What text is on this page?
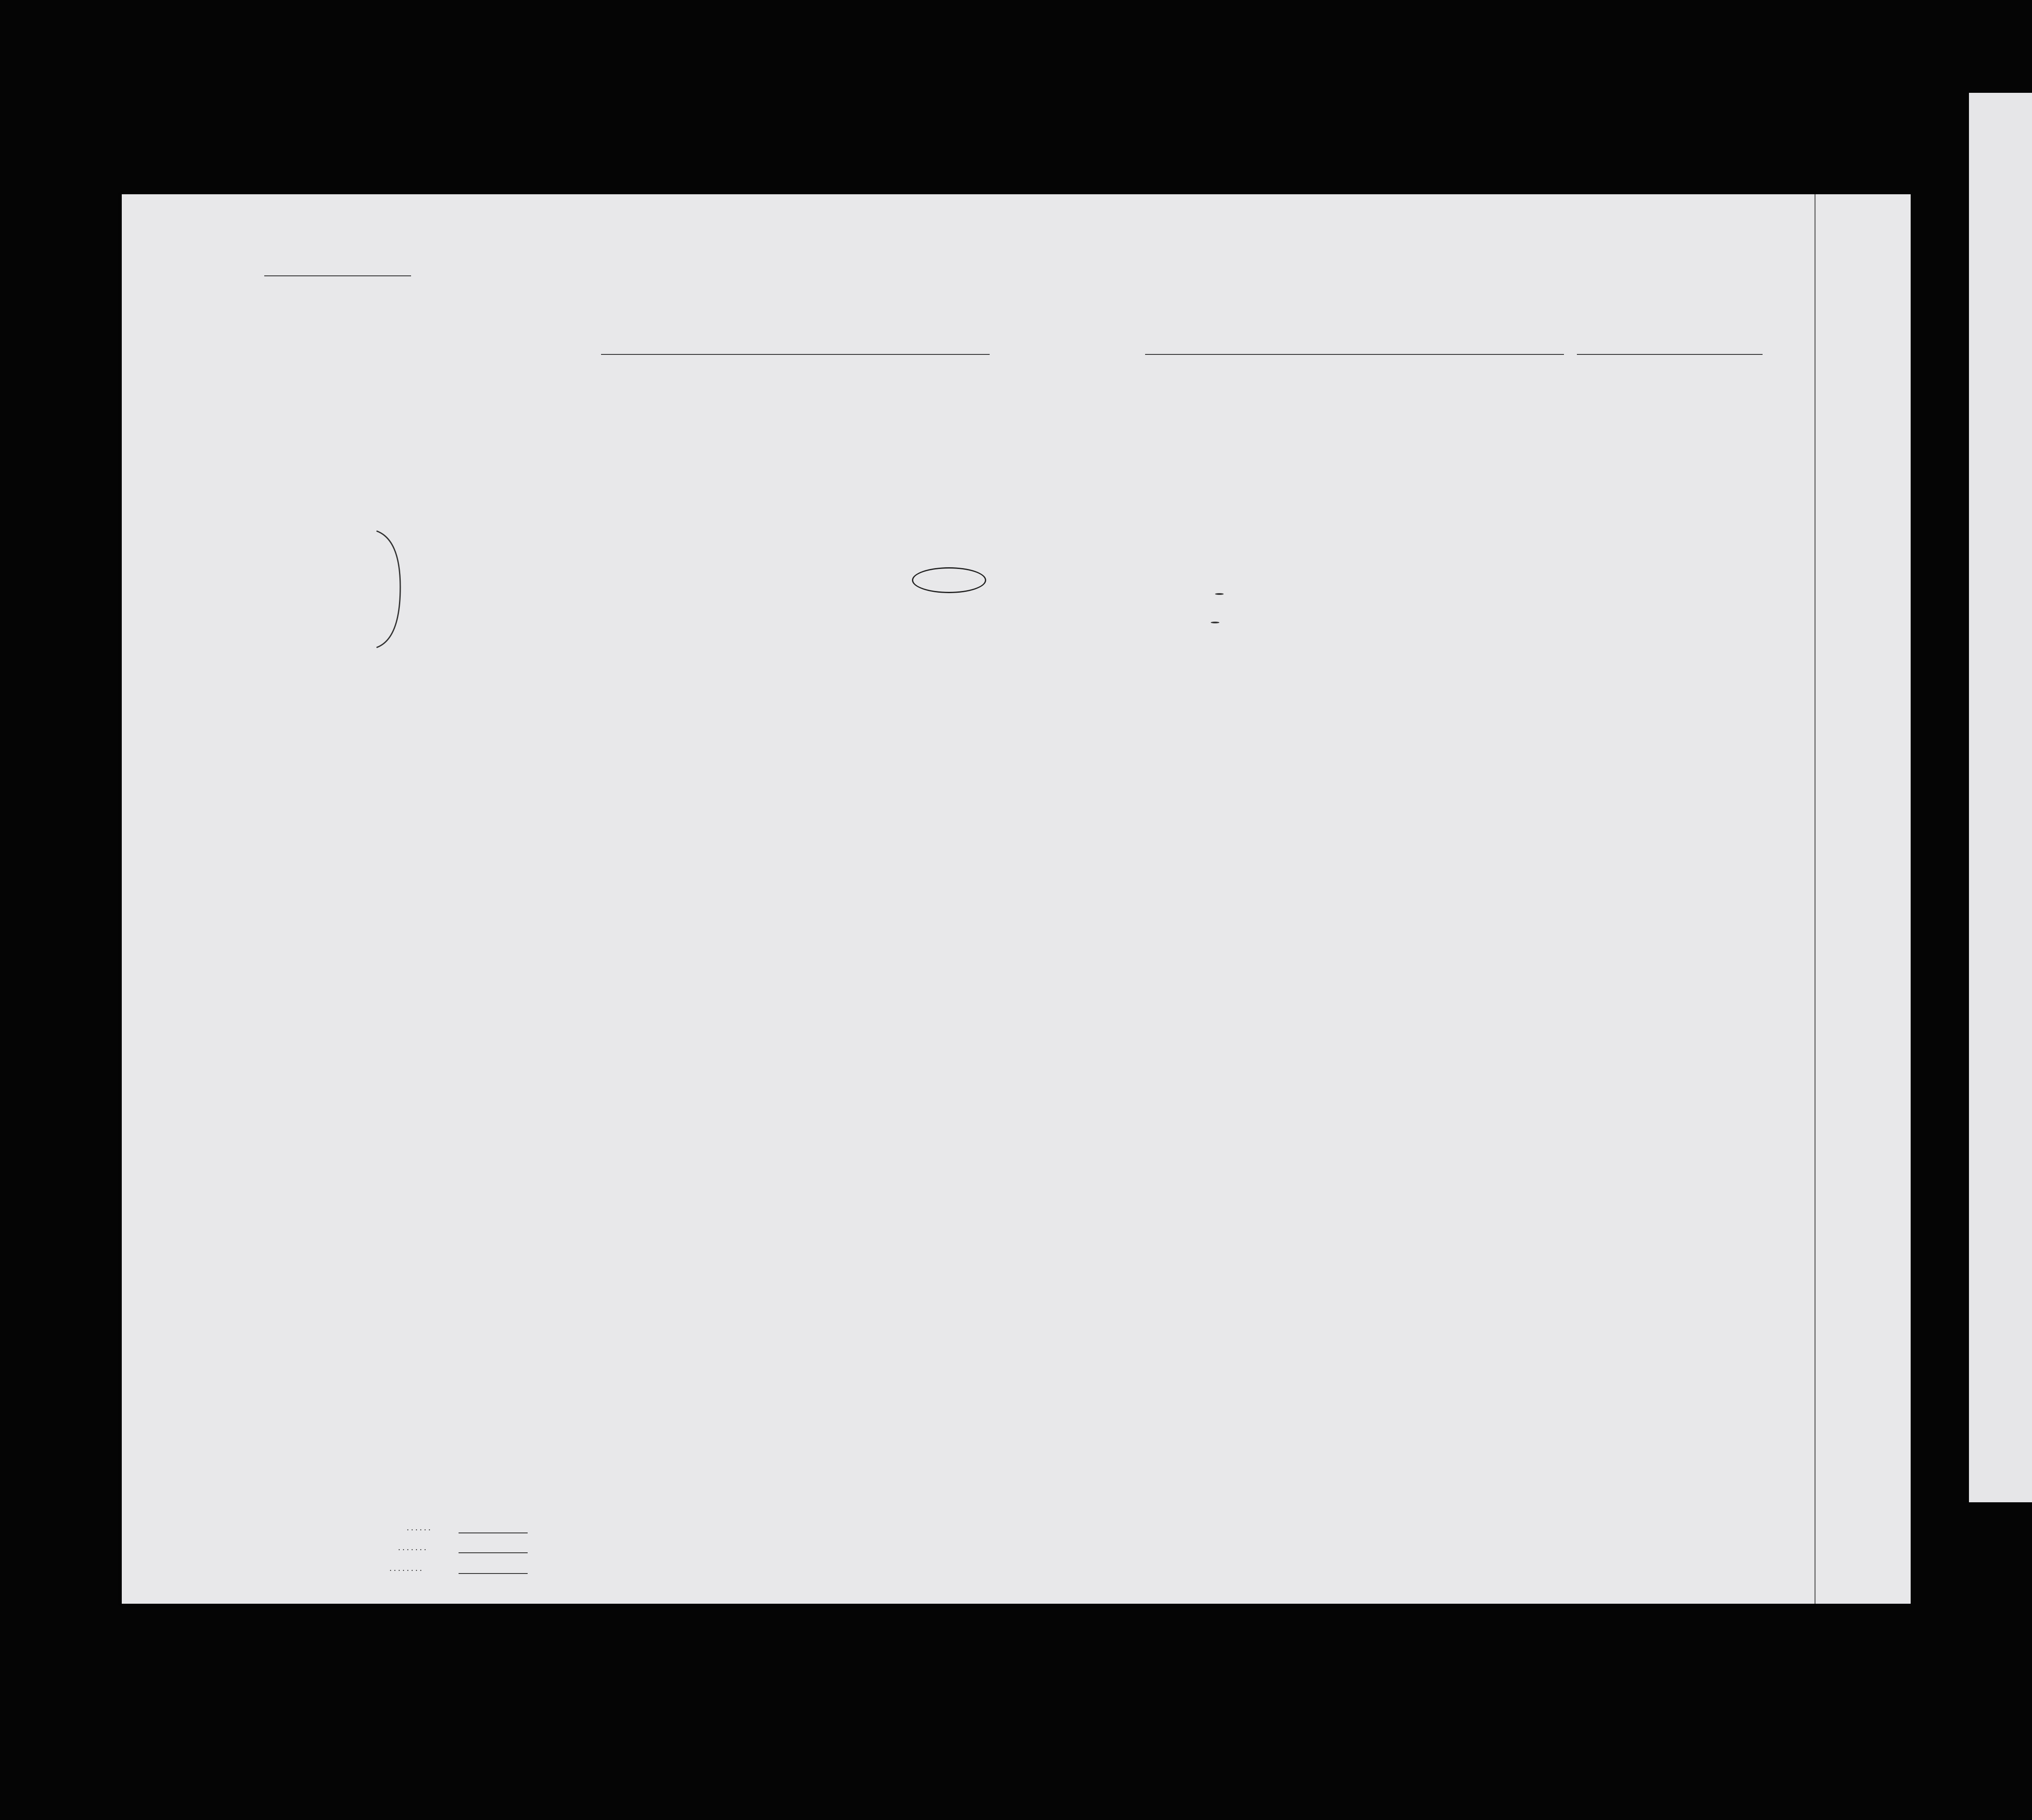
. . . . . .
. . . . . . .
. . . . . . . .
